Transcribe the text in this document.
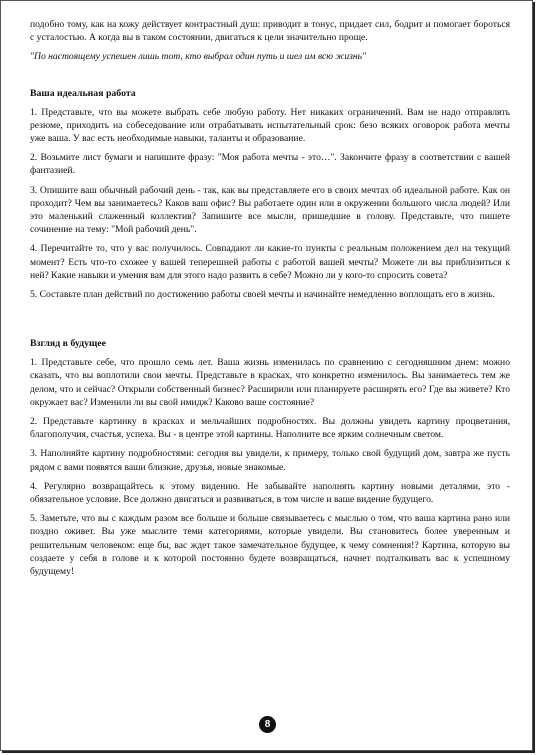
подобно тому, как на кожу действует контрастный душ: приводит в тонус, придает сил, бодрит и помогает бороться с усталостью. А когда вы в таком состоянии, двигаться к цели значительно проще.

"По настоящему успешен лишь тот, кто выбрал один путь и шел им всю жизнь"

Ваша идеальная работа

1. Представьте, что вы можете выбрать себе любую работу. Нет никаких ограничений. Вам не надо отправлять резюме, приходить на собеседование или отрабатывать испытательный срок: безо всяких оговорок работа мечты уже ваша. У вас есть необходимые навыки, таланты и образование.

2. Возьмите лист бумаги и напишите фразу: "Моя работа мечты - это…". Закончите фразу в соответствии с вашей фантазией.

3. Опишите ваш обычный рабочий день - так, как вы представляете его в своих мечтах об идеальной работе. Как он проходит? Чем вы занимаетесь? Каков ваш офис? Вы работаете один или в окружении большого числа людей? Или это маленький слаженный коллектив? Запишите все мысли, пришедшие в голову. Представьте, что пишете сочинение на тему: "Мой рабочий день".

4. Перечитайте то, что у вас получилось. Совпадают ли какие-то пункты с реальным положением дел на текущий момент? Есть что-то схожее у вашей теперешней работы с работой вашей мечты? Можете ли вы приблизиться к ней? Какие навыки и умения вам для этого надо развить в себе? Можно ли у кого-то спросить совета?

5. Составьте план действий по достижению работы своей мечты и начинайте немедленно воплощать его в жизнь.

Взгляд в будущее

1. Представьте себе, что прошло семь лет. Ваша жизнь изменилась по сравнению с сегодняшним днем: можно сказать, что вы воплотили свои мечты. Представьте в красках, что конкретно изменилось. Вы занимаетесь тем же делом, что и сейчас? Открыли собственный бизнес? Расширили или планируете расширять его? Где вы живете? Кто окружает вас? Изменили ли вы свой имидж? Каково ваше состояние?

2. Представьте картинку в красках и мельчайших подробностях. Вы должны увидеть картину процветания, благополучия, счастья, успеха. Вы - в центре этой картины. Наполните все ярким солнечным светом.

3. Наполняйте картину подробностями: сегодня вы увидели, к примеру, только свой будущий дом, завтра же пусть рядом с вами появятся ваши близкие, друзья, новые знакомые.

4. Регулярно возвращайтесь к этому видению. Не забывайте наполнять картину новыми деталями, это - обязательное условие. Все должно двигаться и развиваться, в том числе и ваше видение будущего.

5. Заметьте, что вы с каждым разом все больше и больше связываетесь с мыслью о том, что ваша картина рано или поздно оживет. Вы уже мыслите теми категориями, которые увидели. Вы становитесь более уверенным и решительным человеком: еще бы, вас ждет такое замечательное будущее, к чему сомнения!? Картина, которую вы создаете у себя в голове и к которой постоянно будете возвращаться, начнет подталкивать вас к успешному будущему!

8
